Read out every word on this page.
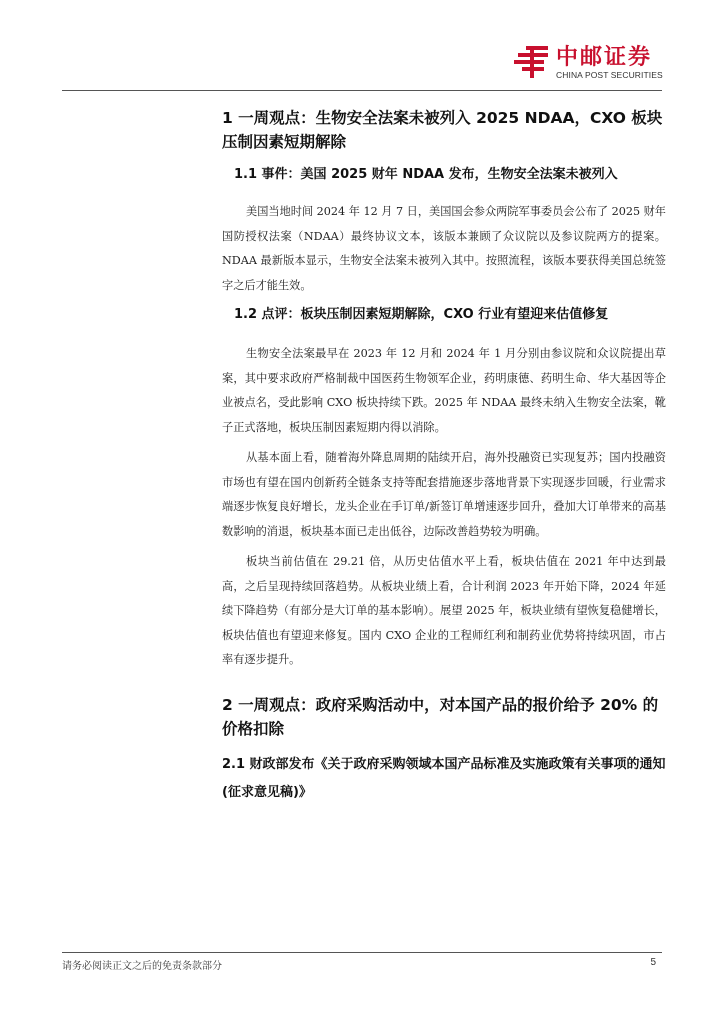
中邮证券
CHINA POST SECURITIES
1 一周观点：生物安全法案未被列入 2025 NDAA，CXO 板块压制因素短期解除
1.1 事件：美国 2025 财年 NDAA 发布，生物安全法案未被列入

美国当地时间 2024 年 12 月 7 日，美国国会参众两院军事委员会公布了 2025 财年国防授权法案（NDAA）最终协议文本，该版本兼顾了众议院以及参议院两方的提案。NDAA 最新版本显示，生物安全法案未被列入其中。按照流程，该版本要获得美国总统签字之后才能生效。

1.2 点评：板块压制因素短期解除，CXO 行业有望迎来估值修复

生物安全法案最早在 2023 年 12 月和 2024 年 1 月分别由参议院和众议院提出草案，其中要求政府严格制裁中国医药生物领军企业，药明康德、药明生命、华大基因等企业被点名，受此影响 CXO 板块持续下跌。2025 年 NDAA 最终未纳入生物安全法案，靴子正式落地，板块压制因素短期内得以消除。

从基本面上看，随着海外降息周期的陆续开启，海外投融资已实现复苏；国内投融资市场也有望在国内创新药全链条支持等配套措施逐步落地背景下实现逐步回暖，行业需求端逐步恢复良好增长，龙头企业在手订单/新签订单增速逐步回升，叠加大订单带来的高基数影响的消退，板块基本面已走出低谷，边际改善趋势较为明确。

板块当前估值在 29.21 倍，从历史估值水平上看，板块估值在 2021 年中达到最高，之后呈现持续回落趋势。从板块业绩上看，合计利润 2023 年开始下降，2024 年延续下降趋势（有部分是大订单的基本影响）。展望 2025 年，板块业绩有望恢复稳健增长，板块估值也有望迎来修复。国内 CXO 企业的工程师红利和制药业优势将持续巩固，市占率有逐步提升。

2 一周观点：政府采购活动中，对本国产品的报价给予 20% 的价格扣除
2.1 财政部发布《关于政府采购领域本国产品标准及实施政策有关事项的通知(征求意见稿)》
请务必阅读正文之后的免责条款部分	5
